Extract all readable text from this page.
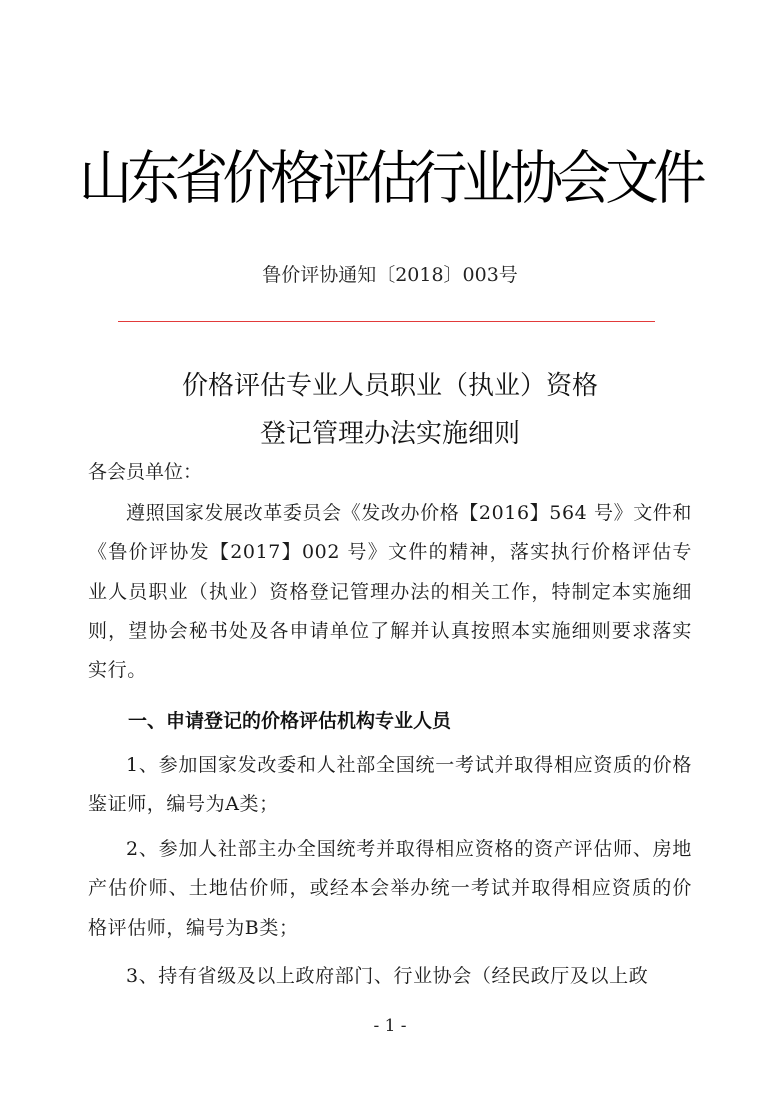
山东省价格评估行业协会文件
鲁价评协通知〔2018〕003号
价格评估专业人员职业（执业）资格
登记管理办法实施细则
各会员单位：
遵照国家发展改革委员会《发改办价格【2016】564 号》文件和《鲁价评协发【2017】002 号》文件的精神，落实执行价格评估专业人员职业（执业）资格登记管理办法的相关工作，特制定本实施细则，望协会秘书处及各申请单位了解并认真按照本实施细则要求落实实行。
一、申请登记的价格评估机构专业人员
1、参加国家发改委和人社部全国统一考试并取得相应资质的价格鉴证师，编号为A类；
2、参加人社部主办全国统考并取得相应资格的资产评估师、房地产估价师、土地估价师，或经本会举办统一考试并取得相应资质的价格评估师，编号为B类；
3、持有省级及以上政府部门、行业协会（经民政厅及以上政
- 1 -
